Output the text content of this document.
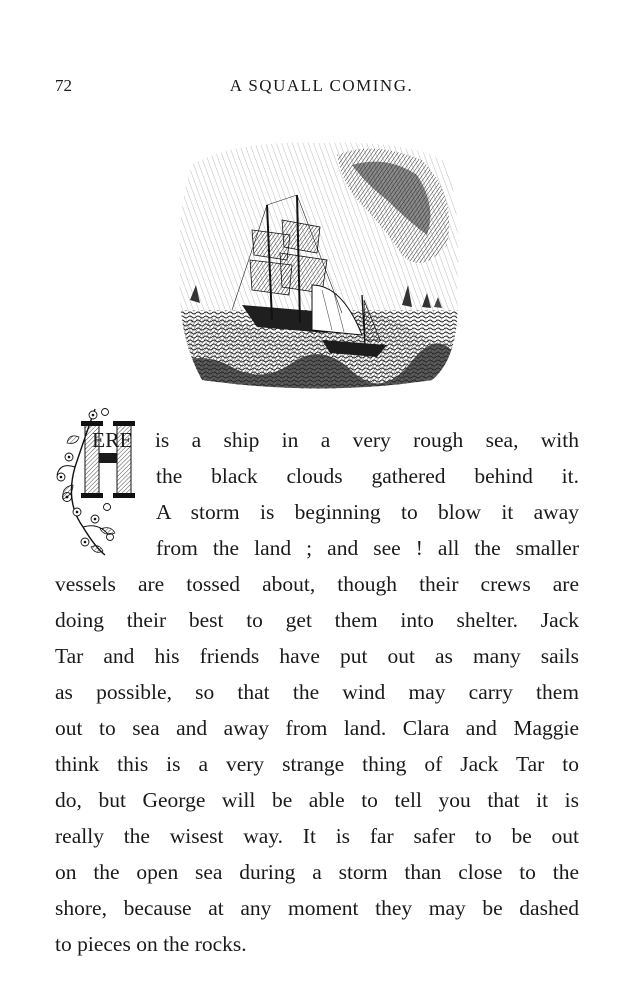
72	A SQUALL COMING.
ERE is a ship in a very rough sea, with
the black clouds gathered behind it.
A storm is beginning to blow it away
from the land ; and see ! all the smaller
vessels are tossed about, though their crews are
doing their best to get them into shelter. Jack
Tar and his friends have put out as many sails
as possible, so that the wind may carry them
out to sea and away from land. Clara and Maggie
think this is a very strange thing of Jack Tar to
do, but George will be able to tell you that it is
really the wisest way. It is far safer to be out
on the open sea during a storm than close to the
shore, because at any moment they may be dashed
to pieces on the rocks.
